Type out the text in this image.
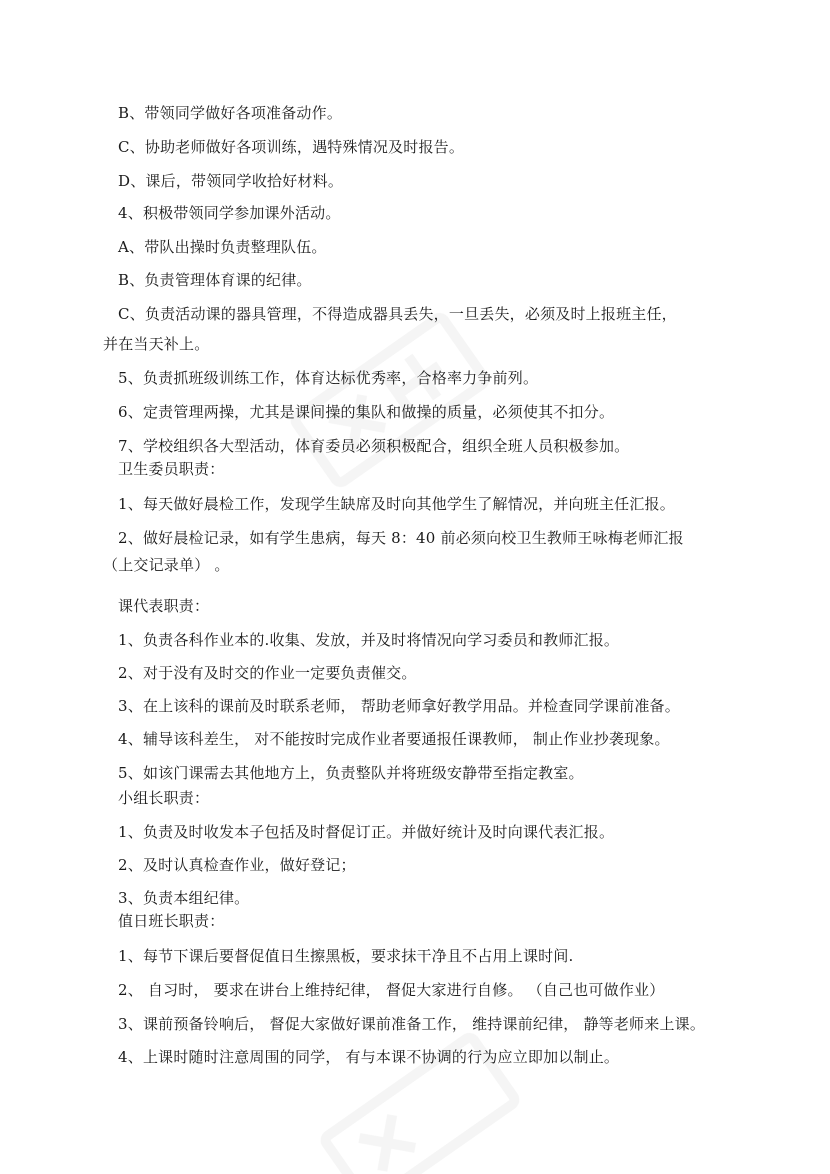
B、带领同学做好各项准备动作。
C、协助老师做好各项训练，遇特殊情况及时报告。
D、课后，带领同学收拾好材料。
4、积极带领同学参加课外活动。
A、带队出操时负责整理队伍。
B、负责管理体育课的纪律。
C、负责活动课的器具管理，不得造成器具丢失，一旦丢失，必须及时上报班主任，
并在当天补上。
5、负责抓班级训练工作，体育达标优秀率，合格率力争前列。
6、定责管理两操，尤其是课间操的集队和做操的质量，必须使其不扣分。
7、学校组织各大型活动，体育委员必须积极配合，组织全班人员积极参加。
卫生委员职责：
1、每天做好晨检工作，发现学生缺席及时向其他学生了解情况，并向班主任汇报。
2、做好晨检记录，如有学生患病，每天 8：40 前必须向校卫生教师王咏梅老师汇报
（上交记录单） 。
课代表职责：
1、负责各科作业本的.收集、发放，并及时将情况向学习委员和教师汇报。
2、对于没有及时交的作业一定要负责催交。
3、在上该科的课前及时联系老师， 帮助老师拿好教学用品。并检查同学课前准备。
4、辅导该科差生， 对不能按时完成作业者要通报任课教师， 制止作业抄袭现象。
5、如该门课需去其他地方上，负责整队并将班级安静带至指定教室。
小组长职责：
1、负责及时收发本子包括及时督促订正。并做好统计及时向课代表汇报。
2、及时认真检查作业，做好登记；
3、负责本组纪律。
值日班长职责：
1、每节下课后要督促值日生擦黑板，要求抹干净且不占用上课时间.
2、 自习时， 要求在讲台上维持纪律， 督促大家进行自修。 （自己也可做作业）
3、课前预备铃响后， 督促大家做好课前准备工作， 维持课前纪律， 静等老师来上课。
4、上课时随时注意周围的同学， 有与本课不协调的行为应立即加以制止。
